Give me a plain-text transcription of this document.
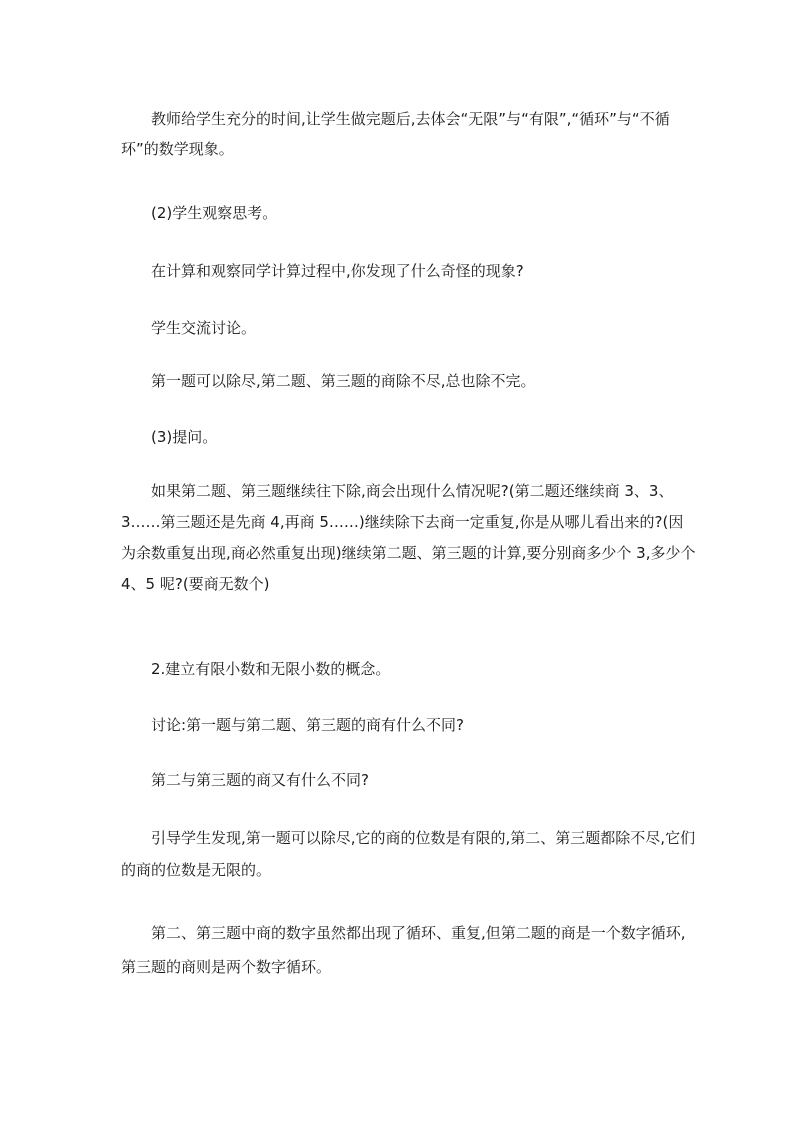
教师给学生充分的时间,让学生做完题后,去体会“无限”与“有限”,“循环”与“不循环”的数学现象。

(2)学生观察思考。

在计算和观察同学计算过程中,你发现了什么奇怪的现象?

学生交流讨论。

第一题可以除尽,第二题、第三题的商除不尽,总也除不完。

(3)提问。

如果第二题、第三题继续往下除,商会出现什么情况呢?(第二题还继续商 3、3、3……第三题还是先商 4,再商 5……)继续除下去商一定重复,你是从哪儿看出来的?(因为余数重复出现,商必然重复出现)继续第二题、第三题的计算,要分别商多少个 3,多少个 4、5 呢?(要商无数个)

2.建立有限小数和无限小数的概念。

讨论:第一题与第二题、第三题的商有什么不同?

第二与第三题的商又有什么不同?

引导学生发现,第一题可以除尽,它的商的位数是有限的,第二、第三题都除不尽,它们的商的位数是无限的。

第二、第三题中商的数字虽然都出现了循环、重复,但第二题的商是一个数字循环,第三题的商则是两个数字循环。
